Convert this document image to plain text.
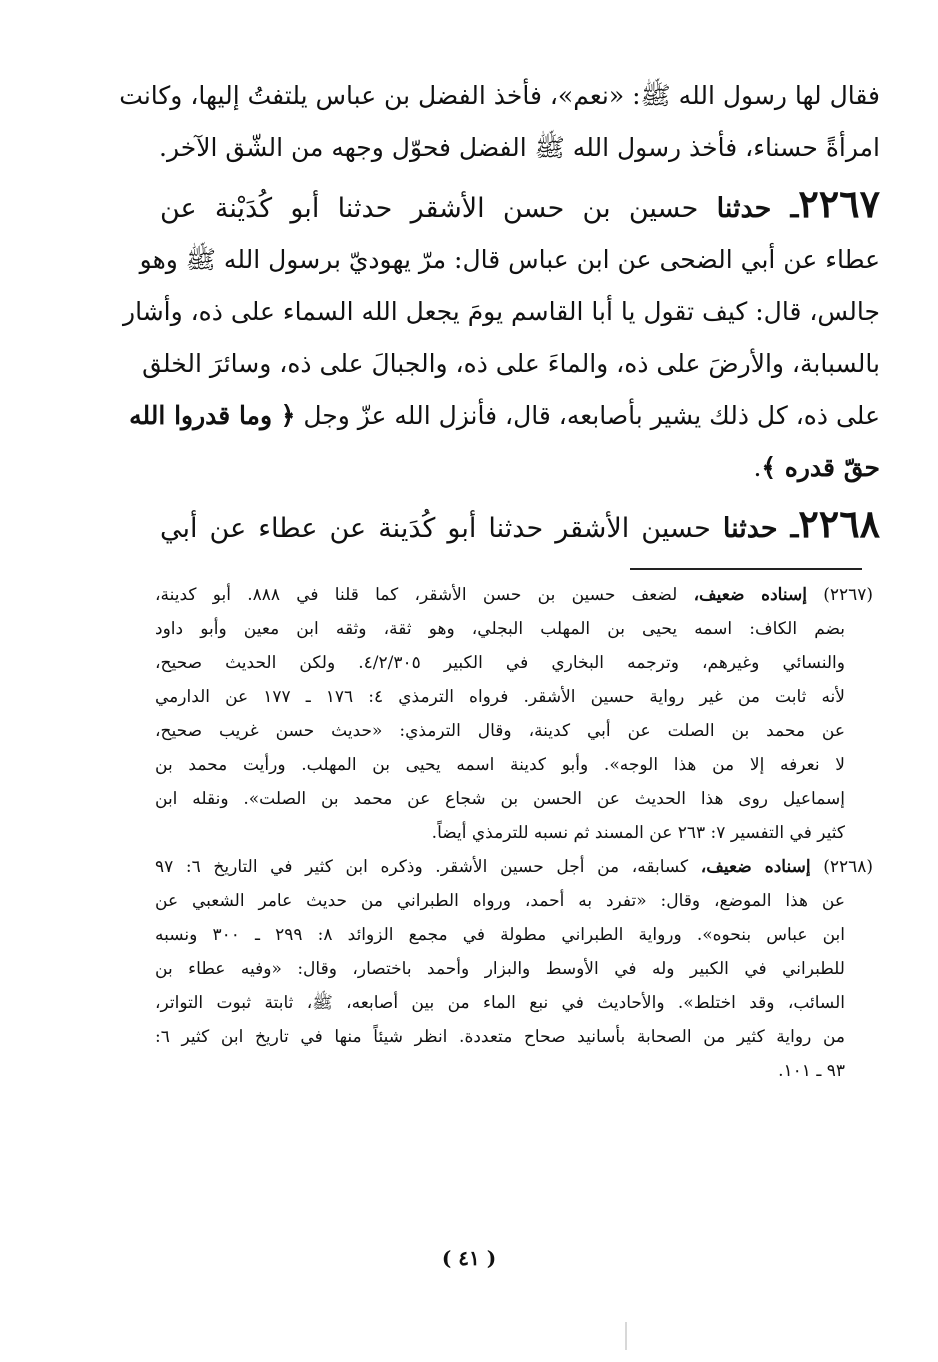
فقال لها رسول الله ﷺ: «نعم»، فأخذ الفضل بن عباس يلتفتُ إليها، وكانت
امرأةً حسناء، فأخذ رسول الله ﷺ الفضل فحوّل وجهه من الشّق الآخر.
٢٢٦٧ـ حدثنا حسين بن حسن الأشقر حدثنا أبو كُدَيْنة عن
عطاء عن أبي الضحى عن ابن عباس قال: مرّ يهوديّ برسول الله ﷺ وهو
جالس، قال: كيف تقول يا أبا القاسم يومَ يجعل الله السماء على ذه، وأشار
بالسبابة، والأرضَ على ذه، والماءَ على ذه، والجبالَ على ذه، وسائرَ الخلق
على ذه، كل ذلك يشير بأصابعه، قال، فأنزل الله عزّ وجل ﴿ وما قدروا الله
حقّ قدره ﴾.
٢٢٦٨ـ حدثنا حسين الأشقر حدثنا أبو كُدَينة عن عطاء عن أبي
(٢٢٦٧) إسناده ضعيف، لضعف حسين بن حسن الأشقر، كما قلنا في ٨٨٨. أبو كدينة،
بضم الكاف: اسمه يحيى بن المهلب البجلي، وهو ثقة، وثقه ابن معين وأبو داود
والنسائي وغيرهم، وترجمه البخاري في الكبير ٤/٢/٣٠٥. ولكن الحديث صحيح،
لأنه ثابت من غير رواية حسين الأشقر. فرواه الترمذي ٤: ١٧٦ ـ ١٧٧ عن الدارمي
عن محمد بن الصلت عن أبي كدينة، وقال الترمذي: «حديث حسن غريب صحيح،
لا نعرفه إلا من هذا الوجه». وأبو كدينة اسمه يحيى بن المهلب. ورأيت محمد بن
إسماعيل روى هذا الحديث عن الحسن بن شجاع عن محمد بن الصلت». ونقله ابن
كثير في التفسير ٧: ٢٦٣ عن المسند ثم نسبه للترمذي أيضاً.
(٢٢٦٨) إسناده ضعيف، كسابقه، من أجل حسين الأشقر. وذكره ابن كثير في التاريخ ٦: ٩٧
عن هذا الموضع، وقال: «تفرد به أحمد، ورواه الطبراني من حديث عامر الشعبي عن
ابن عباس بنحوه». ورواية الطبراني مطولة في مجمع الزوائد ٨: ٢٩٩ ـ ٣٠٠ ونسبه
للطبراني في الكبير وله في الأوسط والبزار وأحمد باختصار، وقال: «وفيه عطاء بن
السائب، وقد اختلط». والأحاديث في نبع الماء من بين أصابعه، ﷺ، ثابتة ثبوت التواتر،
من رواية كثير من الصحابة بأسانيد صحاح متعددة. انظر شيئاً منها في تاريخ ابن كثير ٦:
٩٣ ـ ١٠١.
( ٤١ )
